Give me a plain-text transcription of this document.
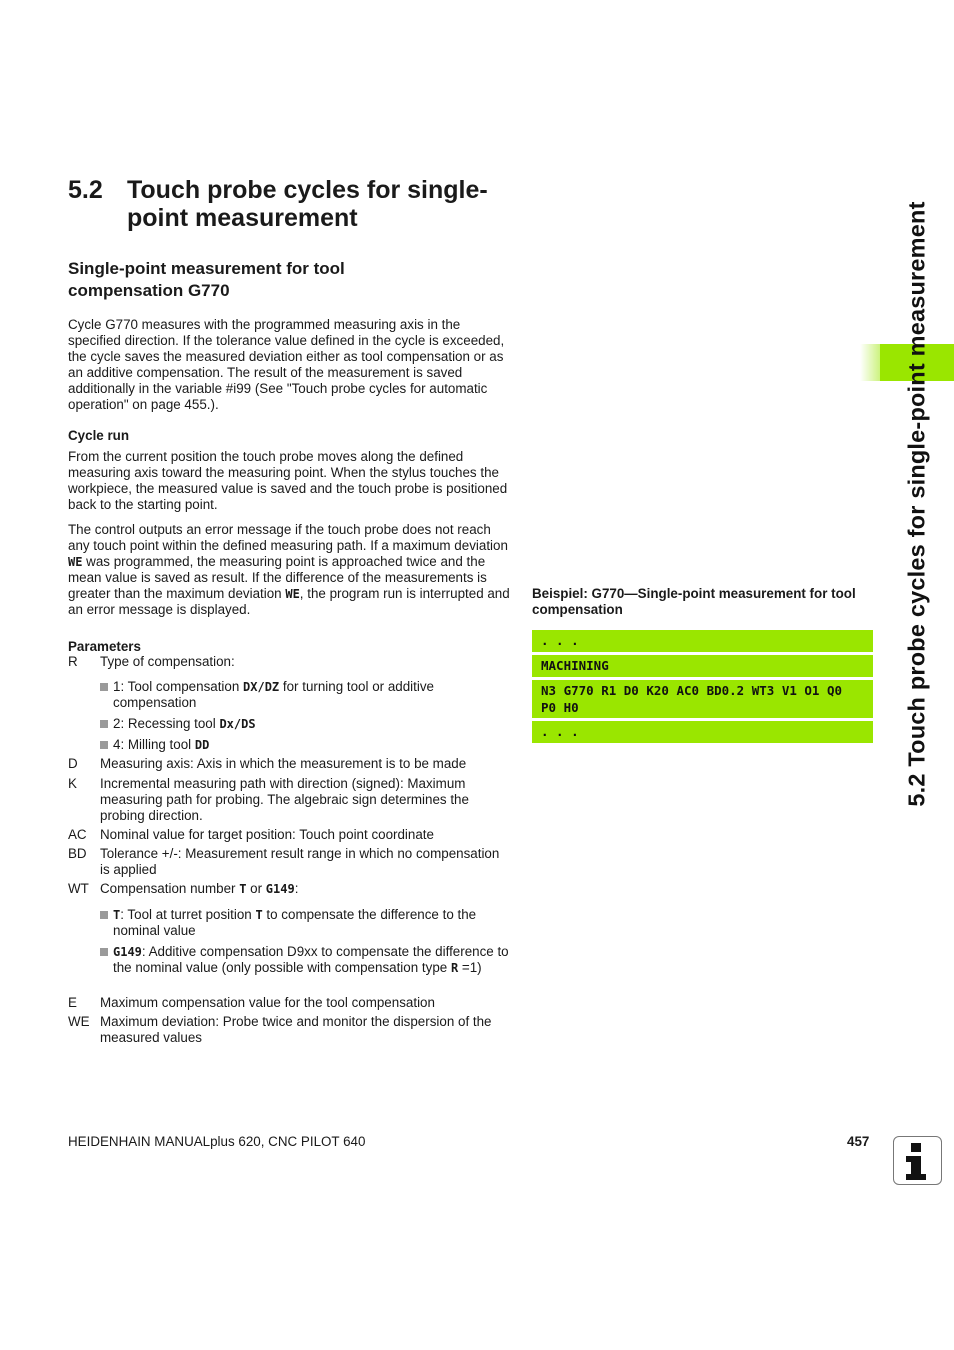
5.2 Touch probe cycles for single-point measurement
Single-point measurement for tool compensation G770

Cycle G770 measures with the programmed measuring axis in the specified direction. If the tolerance value defined in the cycle is exceeded, the cycle saves the measured deviation either as tool compensation or as an additive compensation. The result of the measurement is saved additionally in the variable #i99 (See "Touch probe cycles for automatic operation" on page 455.).

Cycle run

From the current position the touch probe moves along the defined measuring axis toward the measuring point. When the stylus touches the workpiece, the measured value is saved and the touch probe is positioned back to the starting point.

The control outputs an error message if the touch probe does not reach any touch point within the defined measuring path. If a maximum deviation WE was programmed, the measuring point is approached twice and the mean value is saved as result. If the difference of the measurements is greater than the maximum deviation WE, the program run is interrupted and an error message is displayed.

Parameters

R Type of compensation:
1: Tool compensation DX/DZ for turning tool or additive compensation
2: Recessing tool Dx/DS
4: Milling tool DD
D Measuring axis: Axis in which the measurement is to be made
K Incremental measuring path with direction (signed): Maximum measuring path for probing. The algebraic sign determines the probing direction.
AC Nominal value for target position: Touch point coordinate
BD Tolerance +/-: Measurement result range in which no compensation is applied
WT Compensation number T or G149:
T: Tool at turret position T to compensate the difference to the nominal value
G149: Additive compensation D9xx to compensate the difference to the nominal value (only possible with compensation type R =1)
E Maximum compensation value for the tool compensation
WE Maximum deviation: Probe twice and monitor the dispersion of the measured values

Beispiel: G770—Single-point measurement for tool compensation

. . .
MACHINING
N3 G770 R1 D0 K20 AC0 BD0.2 WT3 V1 O1 Q0 P0 H0
. . .	5.2 Touch probe cycles for single-point measurement
HEIDENHAIN MANUALplus 620, CNC PILOT 640	457
